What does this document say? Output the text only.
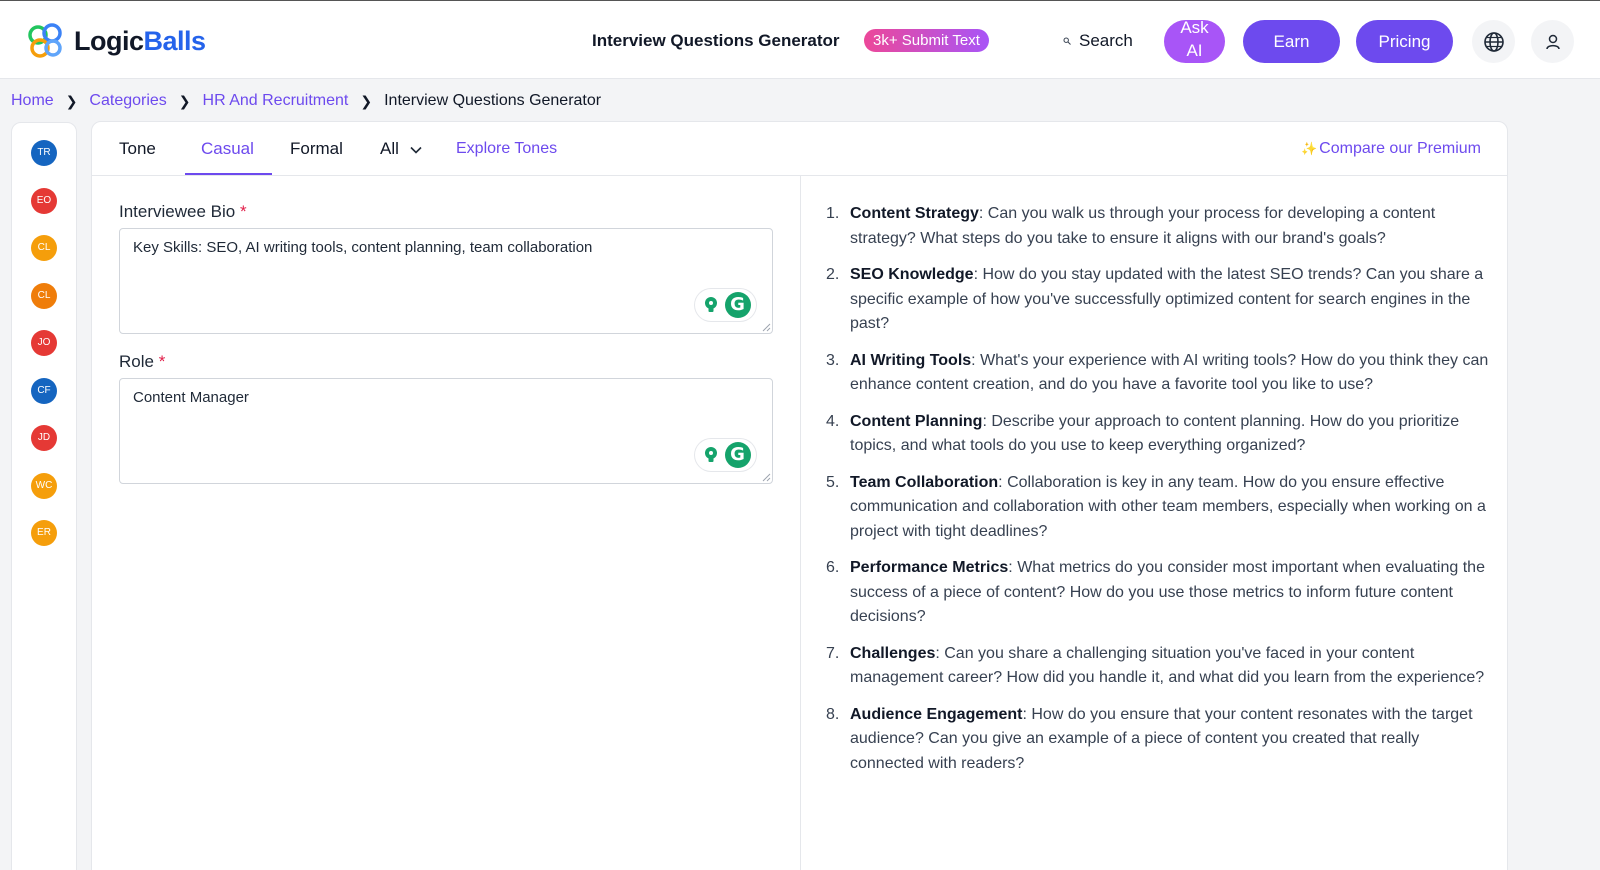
LogicBalls	Interview Questions Generator	3k+ Submit Text	Search
Ask AI	Earn	Pricing
Home ❯ Categories ❯ HR And Recruitment ❯ Interview Questions Generator
TR
EO
CL
CL
JO
CF
JD
WC
ER
Tone	Casual Formal All	Explore Tones	✨ Compare our Premium
Interviewee Bio *
Key Skills: SEO, AI writing tools, content planning, team collaboration
G
Role *
Content Manager
G
1. Content Strategy: Can you walk us through your process for developing a content strategy? What steps do you take to ensure it aligns with our brand's goals?
2. SEO Knowledge: How do you stay updated with the latest SEO trends? Can you share a specific example of how you've successfully optimized content for search engines in the past?
3. AI Writing Tools: What's your experience with AI writing tools? How do you think they can enhance content creation, and do you have a favorite tool you like to use?
4. Content Planning: Describe your approach to content planning. How do you prioritize topics, and what tools do you use to keep everything organized?
5. Team Collaboration: Collaboration is key in any team. How do you ensure effective communication and collaboration with other team members, especially when working on a project with tight deadlines?
6. Performance Metrics: What metrics do you consider most important when evaluating the success of a piece of content? How do you use those metrics to inform future content decisions?
7. Challenges: Can you share a challenging situation you've faced in your content management career? How did you handle it, and what did you learn from the experience?
8. Audience Engagement: How do you ensure that your content resonates with the target audience? Can you give an example of a piece of content you created that really connected with readers?
